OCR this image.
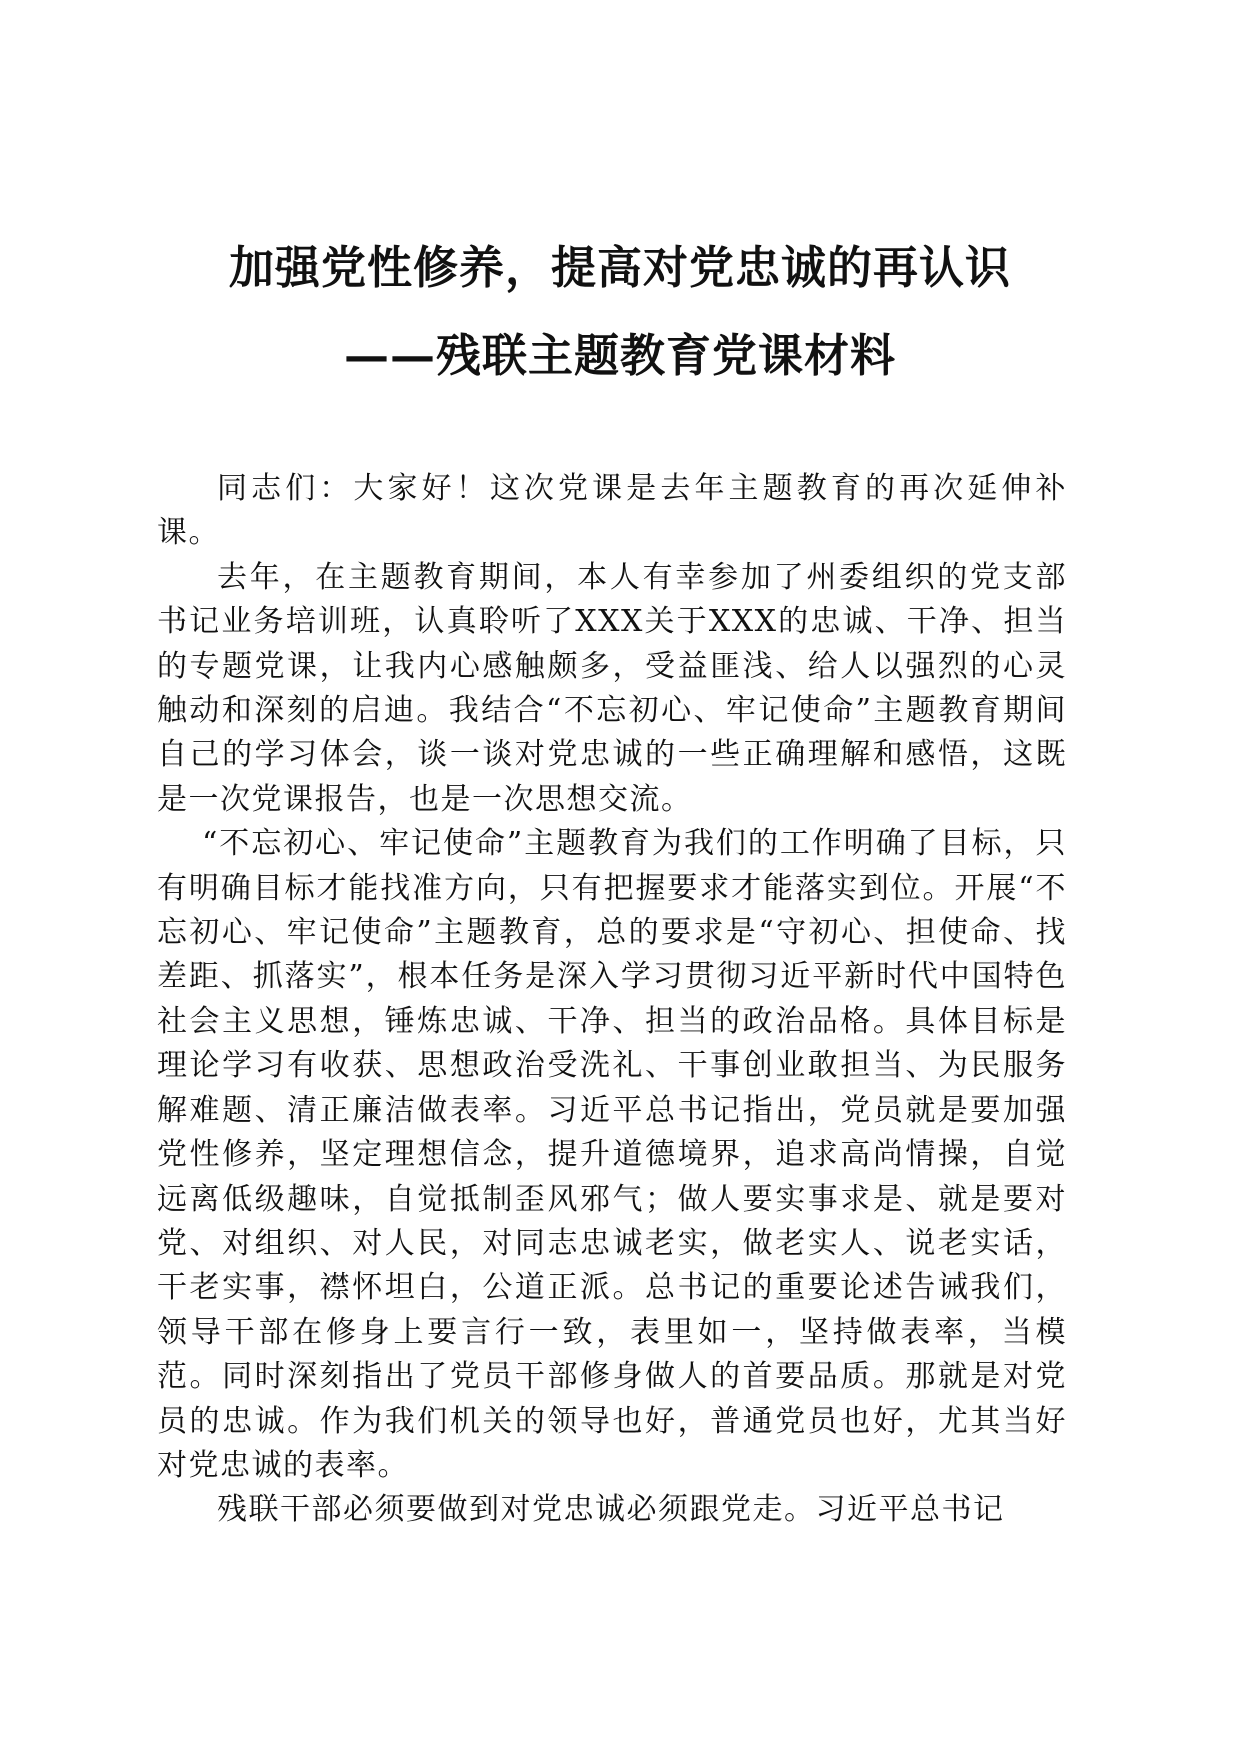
加强党性修养，提高对党忠诚的再认识
——残联主题教育党课材料

同志们：大家好！这次党课是去年主题教育的再次延伸补课。

去年，在主题教育期间，本人有幸参加了州委组织的党支部书记业务培训班，认真聆听了XXX关于XXX的忠诚、干净、担当的专题党课，让我内心感触颇多，受益匪浅、给人以强烈的心灵触动和深刻的启迪。我结合“不忘初心、牢记使命”主题教育期间自己的学习体会，谈一谈对党忠诚的一些正确理解和感悟，这既是一次党课报告，也是一次思想交流。

“不忘初心、牢记使命”主题教育为我们的工作明确了目标，只有明确目标才能找准方向，只有把握要求才能落实到位。开展“不忘初心、牢记使命”主题教育，总的要求是“守初心、担使命、找差距、抓落实”，根本任务是深入学习贯彻习近平新时代中国特色社会主义思想，锤炼忠诚、干净、担当的政治品格。具体目标是理论学习有收获、思想政治受洗礼、干事创业敢担当、为民服务解难题、清正廉洁做表率。习近平总书记指出，党员就是要加强党性修养，坚定理想信念，提升道德境界，追求高尚情操，自觉远离低级趣味，自觉抵制歪风邪气；做人要实事求是、就是要对党、对组织、对人民，对同志忠诚老实，做老实人、说老实话，干老实事，襟怀坦白，公道正派。总书记的重要论述告诫我们，领导干部在修身上要言行一致，表里如一，坚持做表率，当模范。同时深刻指出了党员干部修身做人的首要品质。那就是对党员的忠诚。作为我们机关的领导也好，普通党员也好，尤其当好对党忠诚的表率。

残联干部必须要做到对党忠诚必须跟党走。习近平总书记
